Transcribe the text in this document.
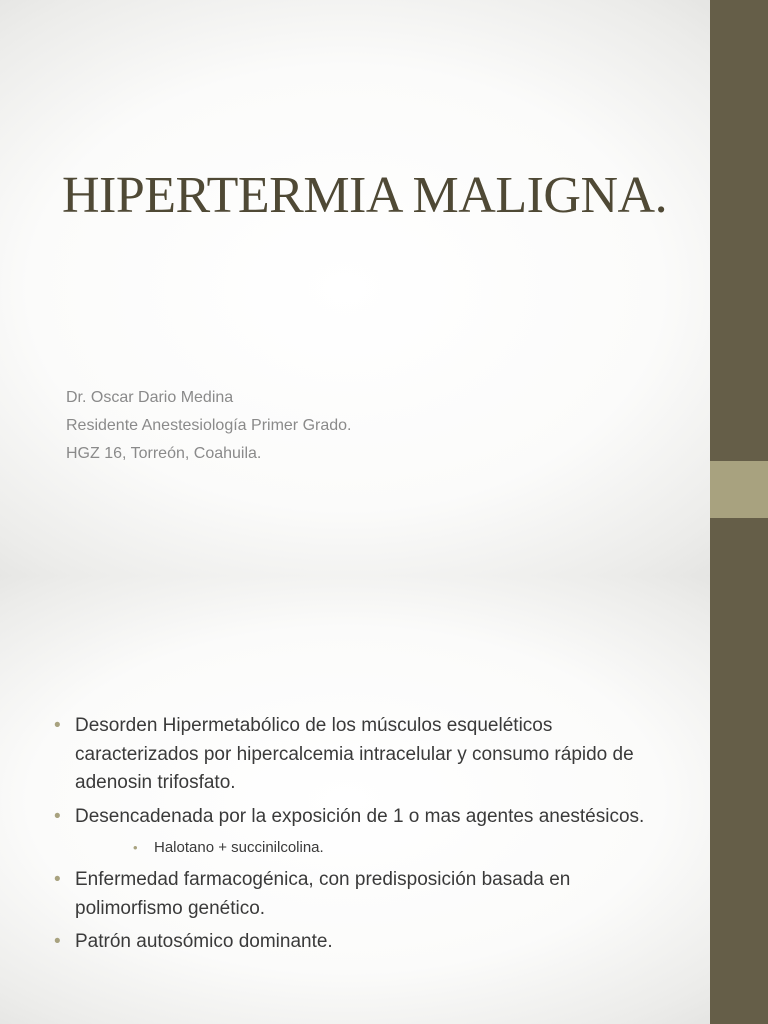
HIPERTERMIA MALIGNA.
Dr. Oscar Dario Medina
Residente Anestesiología Primer Grado.
HGZ 16, Torreón, Coahuila.
• Desorden Hipermetabólico de los músculos esqueléticos caracterizados por hipercalcemia intracelular y consumo rápido de adenosin trifosfato.
• Desencadenada por la exposición de 1 o mas agentes anestésicos.
• Halotano + succinilcolina.
• Enfermedad farmacogénica, con predisposición basada en polimorfismo genético.
• Patrón autosómico dominante.
